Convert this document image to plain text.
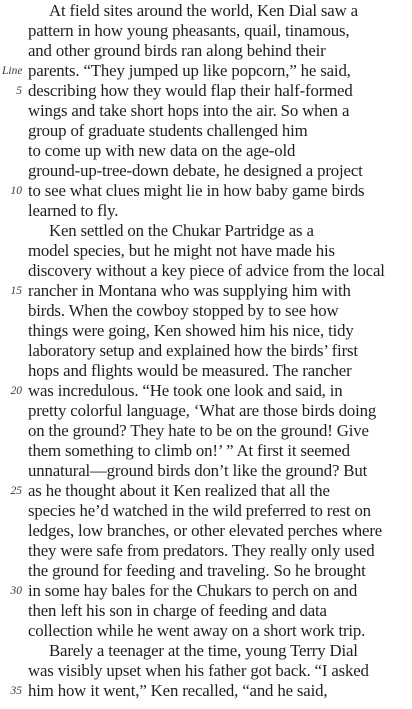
At field sites around the world, Ken Dial saw a
pattern in how young pheasants, quail, tinamous,
and other ground birds ran along behind their
Line parents. “They jumped up like popcorn,” he said,
5 describing how they would flap their half-formed
wings and take short hops into the air. So when a
group of graduate students challenged him
to come up with new data on the age-old
ground-up-tree-down debate, he designed a project
10 to see what clues might lie in how baby game birds
learned to fly.
Ken settled on the Chukar Partridge as a
model species, but he might not have made his
discovery without a key piece of advice from the local
15 rancher in Montana who was supplying him with
birds. When the cowboy stopped by to see how
things were going, Ken showed him his nice, tidy
laboratory setup and explained how the birds’ first
hops and flights would be measured. The rancher
20 was incredulous. “He took one look and said, in
pretty colorful language, ‘What are those birds doing
on the ground? They hate to be on the ground! Give
them something to climb on!’ ” At first it seemed
unnatural—ground birds don’t like the ground? But
25 as he thought about it Ken realized that all the
species he’d watched in the wild preferred to rest on
ledges, low branches, or other elevated perches where
they were safe from predators. They really only used
the ground for feeding and traveling. So he brought
30 in some hay bales for the Chukars to perch on and
then left his son in charge of feeding and data
collection while he went away on a short work trip.
Barely a teenager at the time, young Terry Dial
was visibly upset when his father got back. “I asked
35 him how it went,” Ken recalled, “and he said,
